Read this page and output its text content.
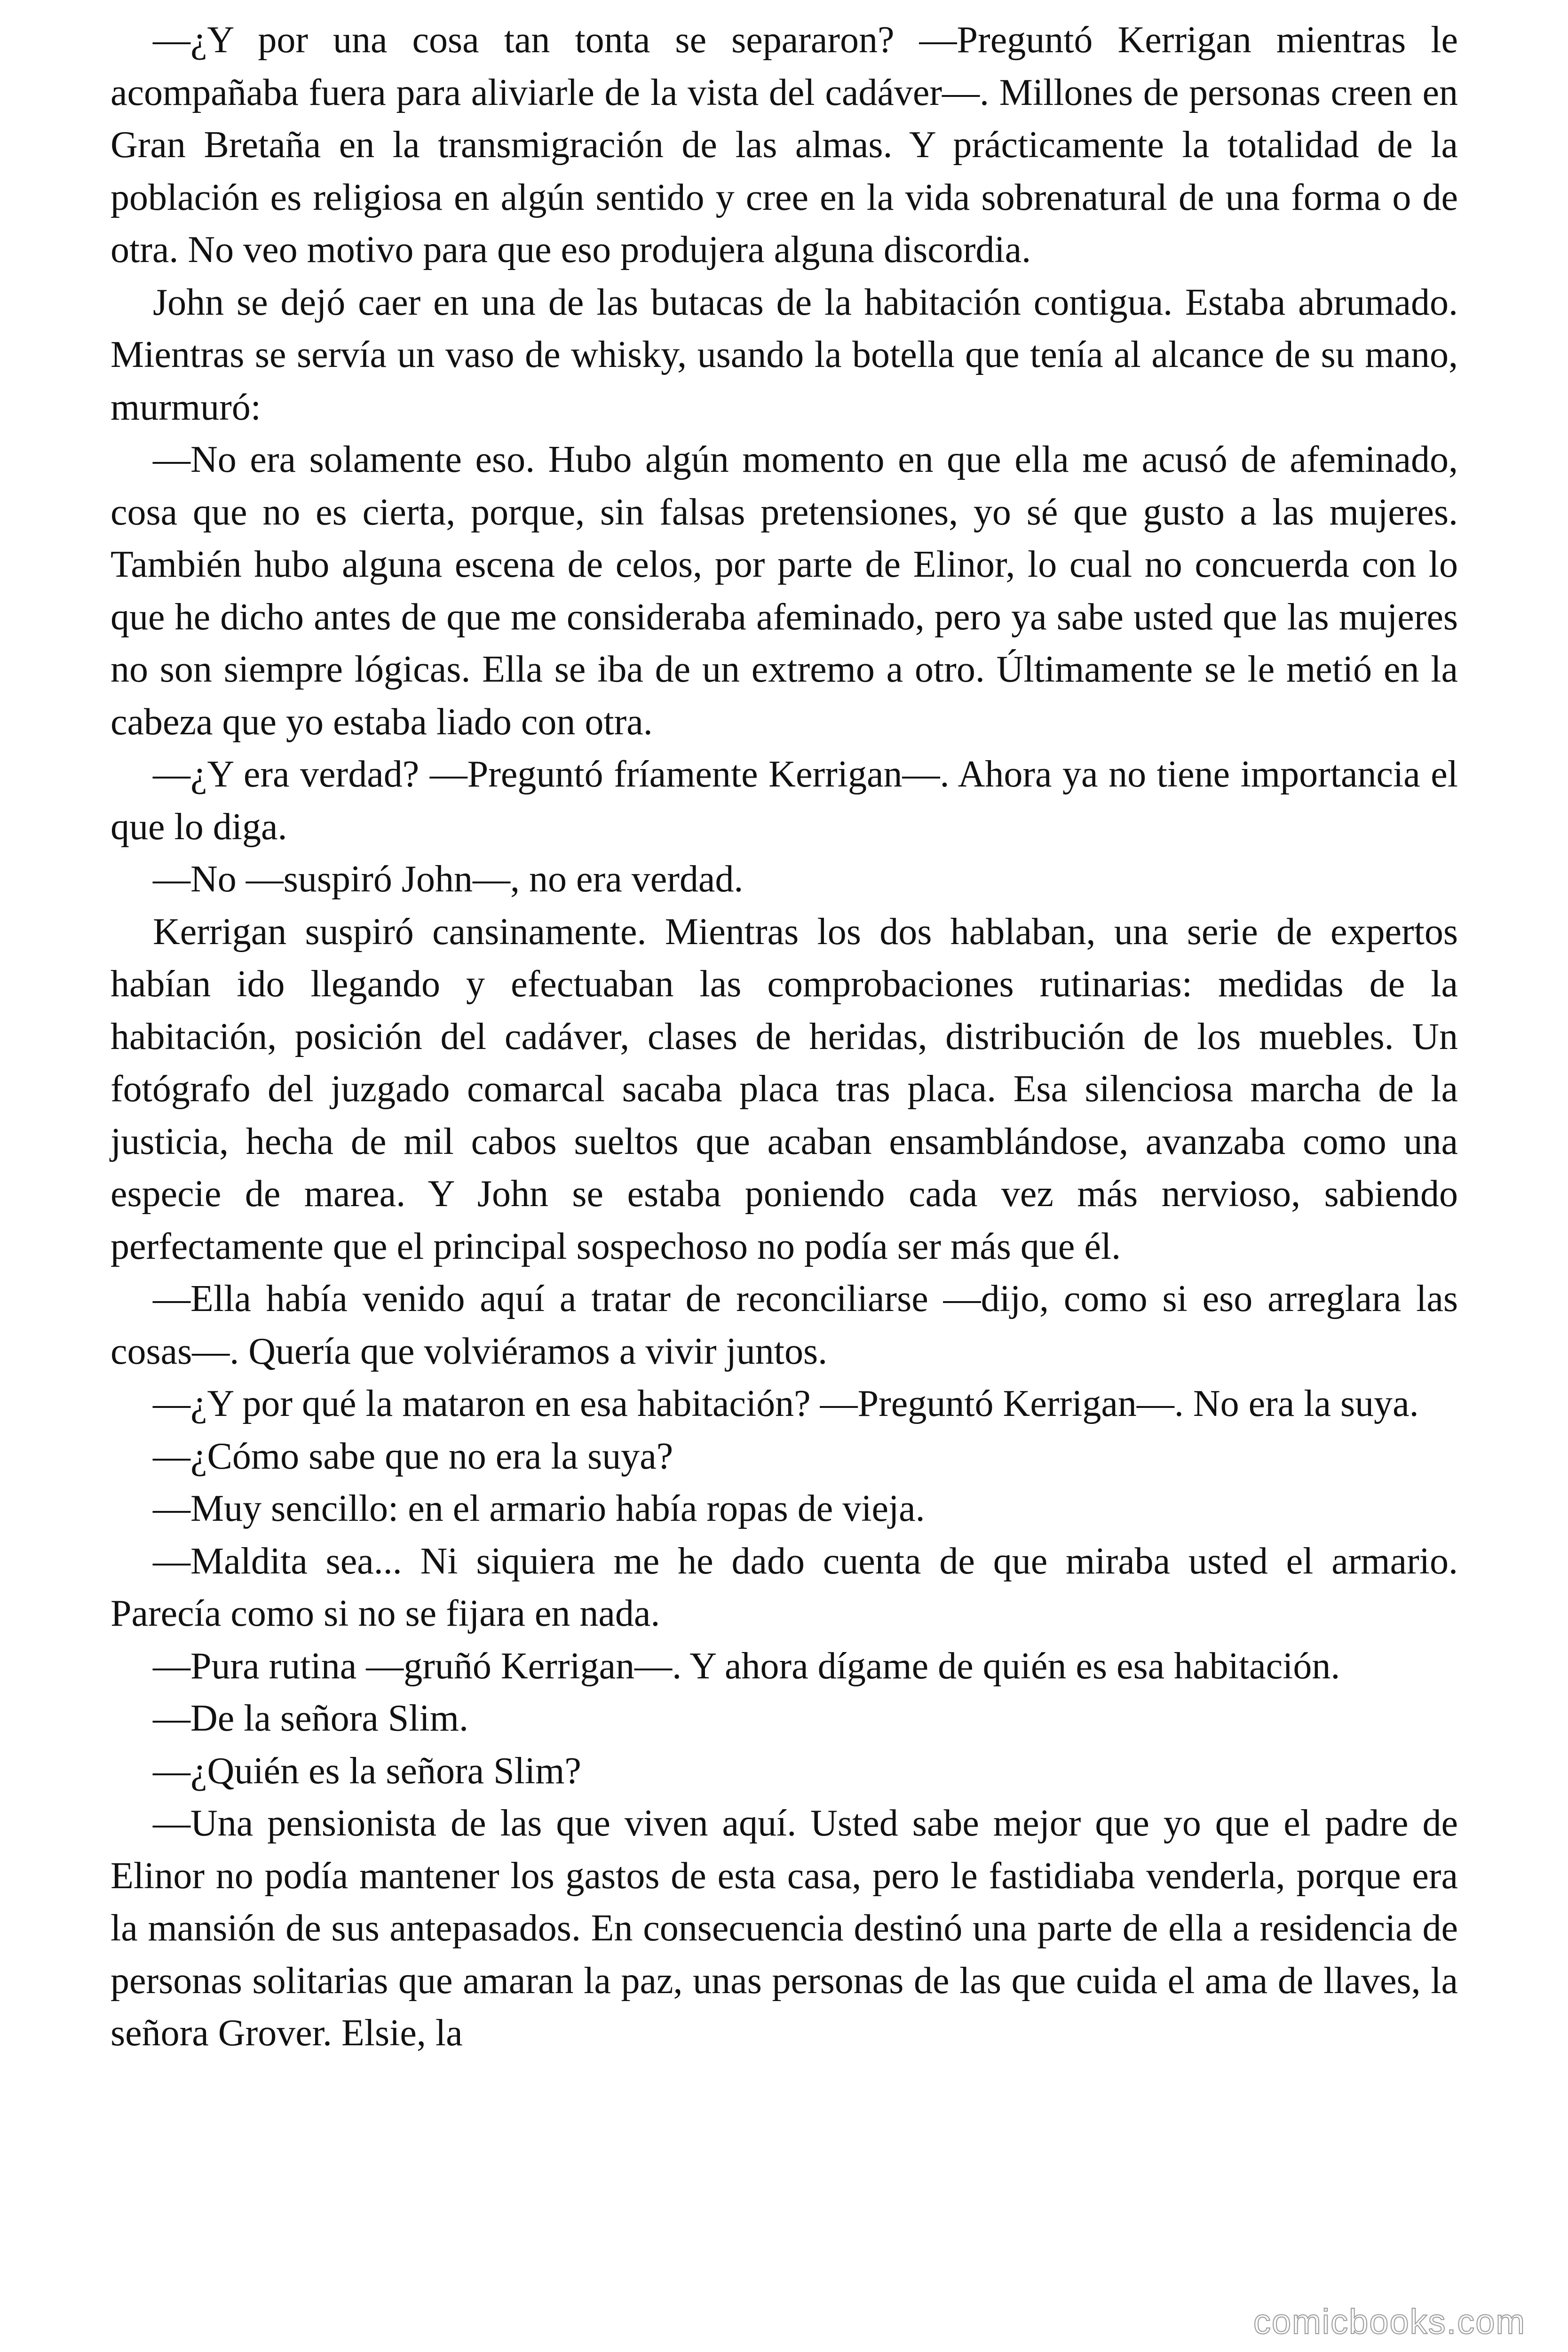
—¿Y por una cosa tan tonta se separaron? —Preguntó Kerrigan mientras le acompañaba fuera para aliviarle de la vista del cadáver—. Millones de personas creen en Gran Bretaña en la transmigración de las almas. Y prácticamente la totalidad de la población es religiosa en algún sentido y cree en la vida sobrenatural de una forma o de otra. No veo motivo para que eso produjera alguna discordia.

John se dejó caer en una de las butacas de la habitación contigua. Estaba abrumado. Mientras se servía un vaso de whisky, usando la botella que tenía al alcance de su mano, murmuró:

—No era solamente eso. Hubo algún momento en que ella me acusó de afeminado, cosa que no es cierta, porque, sin falsas pretensiones, yo sé que gusto a las mujeres. También hubo alguna escena de celos, por parte de Elinor, lo cual no concuerda con lo que he dicho antes de que me consideraba afeminado, pero ya sabe usted que las mujeres no son siempre lógicas. Ella se iba de un extremo a otro. Últimamente se le metió en la cabeza que yo estaba liado con otra.

—¿Y era verdad? —Preguntó fríamente Kerrigan—. Ahora ya no tiene importancia el que lo diga.

—No —suspiró John—, no era verdad.

Kerrigan suspiró cansinamente. Mientras los dos hablaban, una serie de expertos habían ido llegando y efectuaban las comprobaciones rutinarias: medidas de la habitación, posición del cadáver, clases de heridas, distribución de los muebles. Un fotógrafo del juzgado comarcal sacaba placa tras placa. Esa silenciosa marcha de la justicia, hecha de mil cabos sueltos que acaban ensamblándose, avanzaba como una especie de marea. Y John se estaba poniendo cada vez más nervioso, sabiendo perfectamente que el principal sospechoso no podía ser más que él.

—Ella había venido aquí a tratar de reconciliarse —dijo, como si eso arreglara las cosas—. Quería que volviéramos a vivir juntos.

—¿Y por qué la mataron en esa habitación? —Preguntó Kerrigan—. No era la suya.

—¿Cómo sabe que no era la suya?

—Muy sencillo: en el armario había ropas de vieja.

—Maldita sea... Ni siquiera me he dado cuenta de que miraba usted el armario. Parecía como si no se fijara en nada.

—Pura rutina —gruñó Kerrigan—. Y ahora dígame de quién es esa habitación.

—De la señora Slim.

—¿Quién es la señora Slim?

—Una pensionista de las que viven aquí. Usted sabe mejor que yo que el padre de Elinor no podía mantener los gastos de esta casa, pero le fastidiaba venderla, porque era la mansión de sus antepasados. En consecuencia destinó una parte de ella a residencia de personas solitarias que amaran la paz, unas personas de las que cuida el ama de llaves, la señora Grover. Elsie, la

comicbooks.com
